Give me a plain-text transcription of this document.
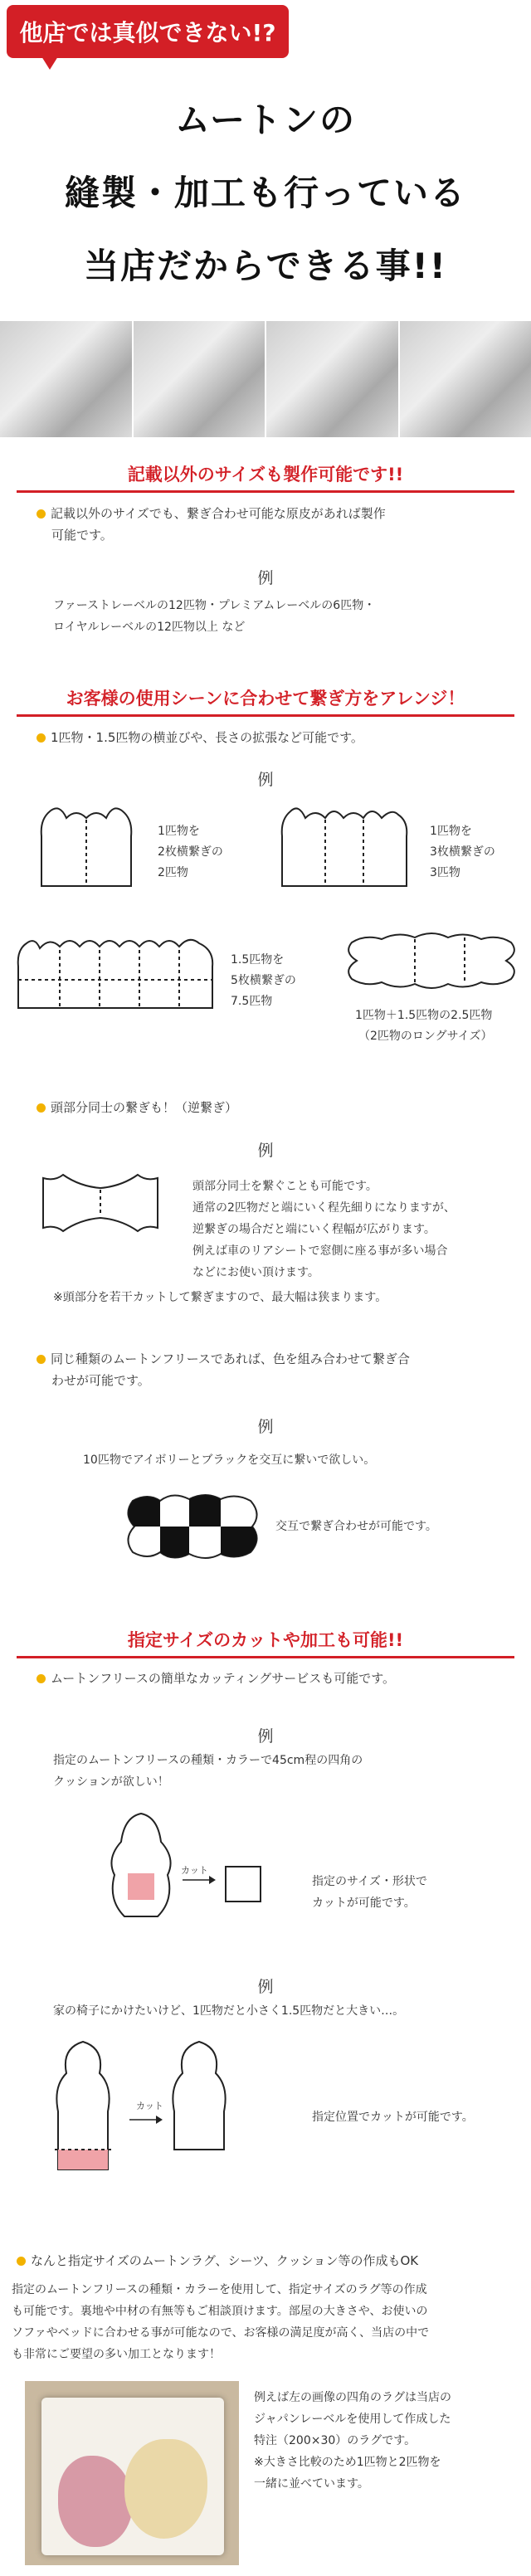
他店では真似できない!?
ムートンの
縫製・加工も行っている
当店だからできる事!!
記載以外のサイズも製作可能です!!
記載以外のサイズでも、繋ぎ合わせ可能な原皮があれば製作
可能です。
例
ファーストレーベルの12匹物・プレミアムレーベルの6匹物・
ロイヤルレーベルの12匹物以上 など
お客様の使用シーンに合わせて繋ぎ方をアレンジ！
1匹物・1.5匹物の横並びや、長さの拡張など可能です。
例
1匹物を
2枚横繋ぎの
2匹物
1匹物を
3枚横繋ぎの
3匹物
1.5匹物を
5枚横繋ぎの
7.5匹物
1匹物＋1.5匹物の2.5匹物
（2匹物のロングサイズ）
頭部分同士の繋ぎも！（逆繋ぎ）
例
頭部分同士を繋ぐことも可能です。
通常の2匹物だと端にいく程先細りになりますが、
逆繋ぎの場合だと端にいく程幅が広がります。
例えば車のリアシートで窓側に座る事が多い場合
などにお使い頂けます。
※頭部分を若干カットして繋ぎますので、最大幅は狭まります。
同じ種類のムートンフリースであれば、色を組み合わせて繋ぎ合
わせが可能です。
例
10匹物でアイボリーとブラックを交互に繋いで欲しい。
交互で繋ぎ合わせが可能です。
指定サイズのカットや加工も可能!!
ムートンフリースの簡単なカッティングサービスも可能です。
例
指定のムートンフリースの種類・カラーで45cm程の四角の
クッションが欲しい！
カット
指定のサイズ・形状で
カットが可能です。
例
家の椅子にかけたいけど、1匹物だと小さく1.5匹物だと大きい…。
カット
指定位置でカットが可能です。
なんと指定サイズのムートンラグ、シーツ、クッション等の作成もOK
指定のムートンフリースの種類・カラーを使用して、指定サイズのラグ等の作成
も可能です。裏地や中材の有無等もご相談頂けます。部屋の大きさや、お使いの
ソファやベッドに合わせる事が可能なので、お客様の満足度が高く、当店の中で
も非常にご要望の多い加工となります！
例えば左の画像の四角のラグは当店の
ジャパンレーベルを使用して作成した
特注（200×30）のラグです。
※大きさ比較のため1匹物と2匹物を
一緒に並べています。
